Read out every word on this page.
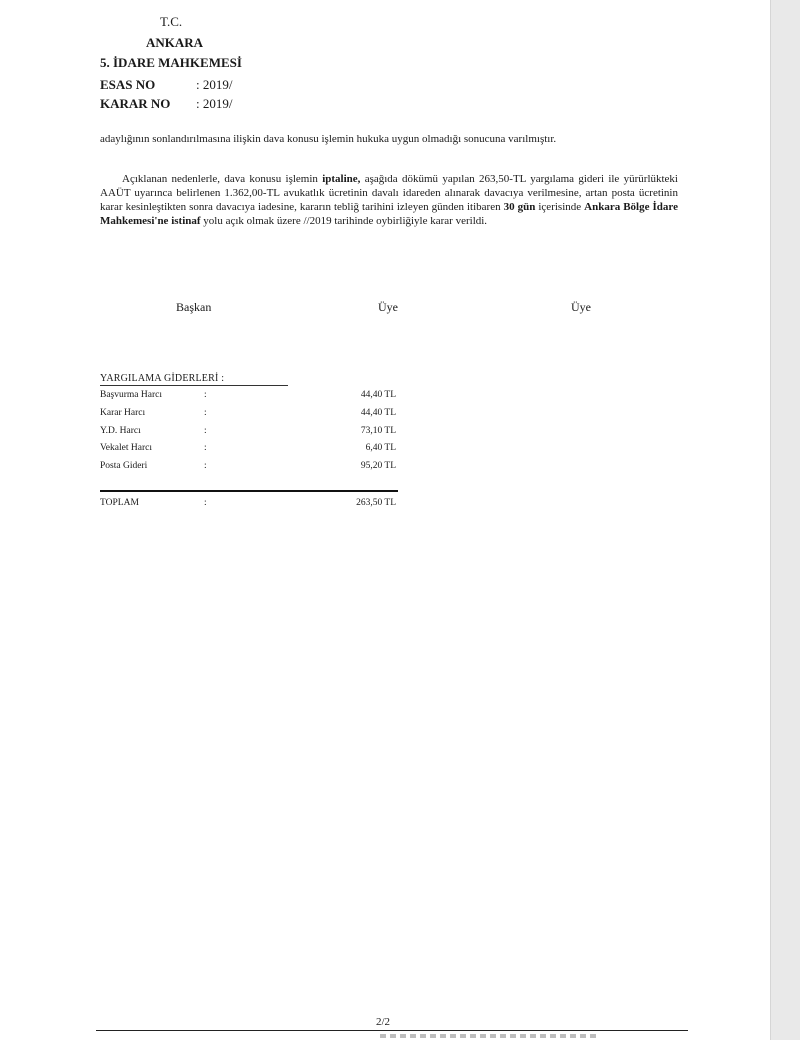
T.C.
ANKARA
5. İDARE MAHKEMESİ
ESAS NO	: 2019/
KARAR NO : 2019/
adaylığının sonlandırılmasına ilişkin dava konusu işlemin hukuka uygun olmadığı sonucuna varılmıştır.
Açıklanan nedenlerle, dava konusu işlemin iptaline, aşağıda dökümü yapılan 263,50-TL yargılama gideri ile yürürlükteki AAÜT uyarınca belirlenen 1.362,00-TL avukatlık ücretinin davalı idareden alınarak davacıya verilmesine, artan posta ücretinin karar kesinleştikten sonra davacıya iadesine, kararın tebliğ tarihini izleyen günden itibaren 30 gün içerisinde Ankara Bölge İdare Mahkemesi'ne istinaf yolu açık olmak üzere //2019 tarihinde oybirliğiyle karar verildi.
Başkan	Üye	Üye
YARGILAMA GİDERLERİ :
Başvurma Harcı	:	44,40 TL
Karar Harcı	:	44,40 TL
Y.D. Harcı	:	73,10 TL
Vekalet Harcı	:	6,40 TL
Posta Gideri	:	95,20 TL
TOPLAM	:	263,50 TL
2/2
